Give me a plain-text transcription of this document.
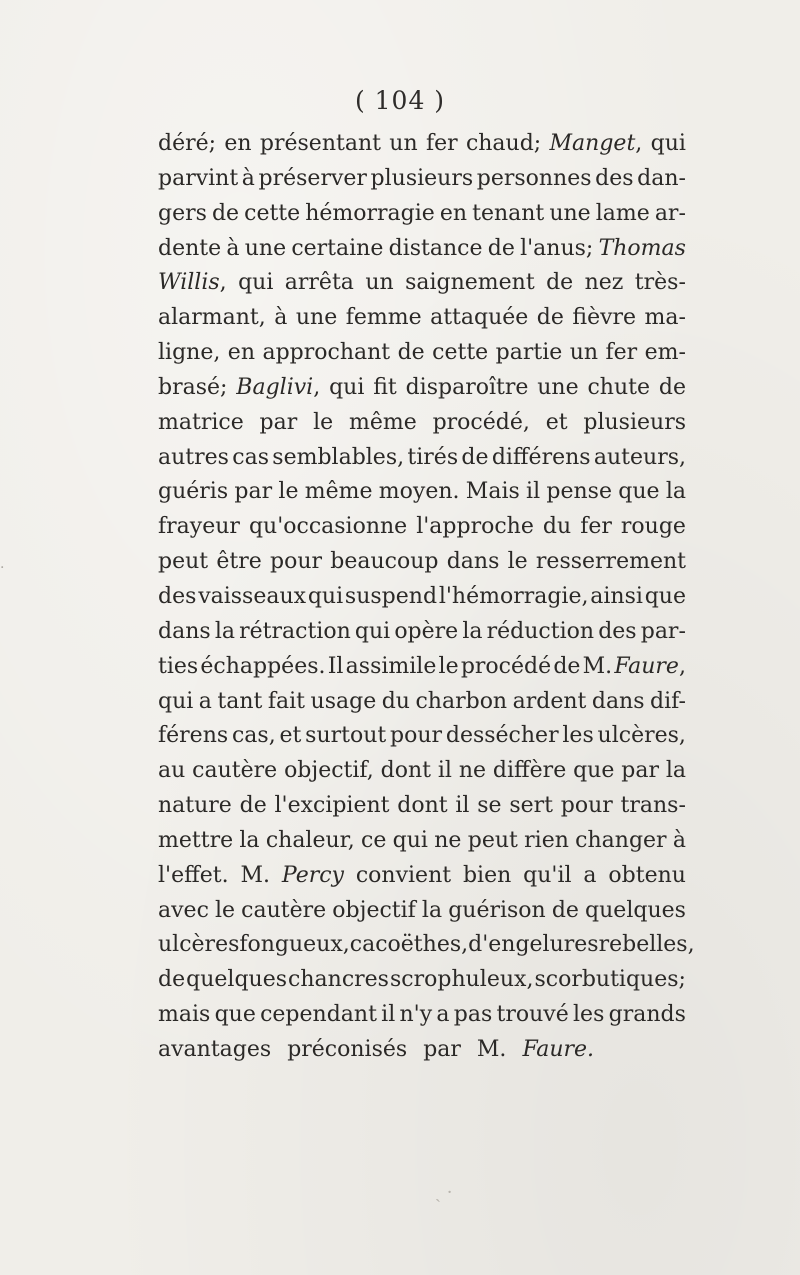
( 104 )
déré; en présentant un fer chaud; Manget, qui
parvint à préserver plusieurs personnes des dan-
gers de cette hémorragie en tenant une lame ar-
dente à une certaine distance de l'anus; Thomas
Willis, qui arrêta un saignement de nez très-
alarmant, à une femme attaquée de fièvre ma-
ligne, en approchant de cette partie un fer em-
brasé; Baglivi, qui fit disparoître une chute de
matrice par le même procédé, et plusieurs
autres cas semblables, tirés de différens auteurs,
guéris par le même moyen. Mais il pense que la
frayeur qu'occasionne l'approche du fer rouge
peut être pour beaucoup dans le resserrement
des vaisseaux qui suspend l'hémorragie, ainsi que
dans la rétraction qui opère la réduction des par-
ties échappées. Il assimile le procédé de M. Faure,
qui a tant fait usage du charbon ardent dans dif-
férens cas, et surtout pour dessécher les ulcères,
au cautère objectif, dont il ne diffère que par la
nature de l'excipient dont il se sert pour trans-
mettre la chaleur, ce qui ne peut rien changer à
l'effet. M. Percy convient bien qu'il a obtenu
avec le cautère objectif la guérison de quelques
ulcères fongueux, cacoëthes, d'engelures rebelles,
de quelques chancres scrophuleux, scorbutiques;
mais que cependant il n'y a pas trouvé les grands
avantages préconisés par M. Faure.
ˏ ·
·
